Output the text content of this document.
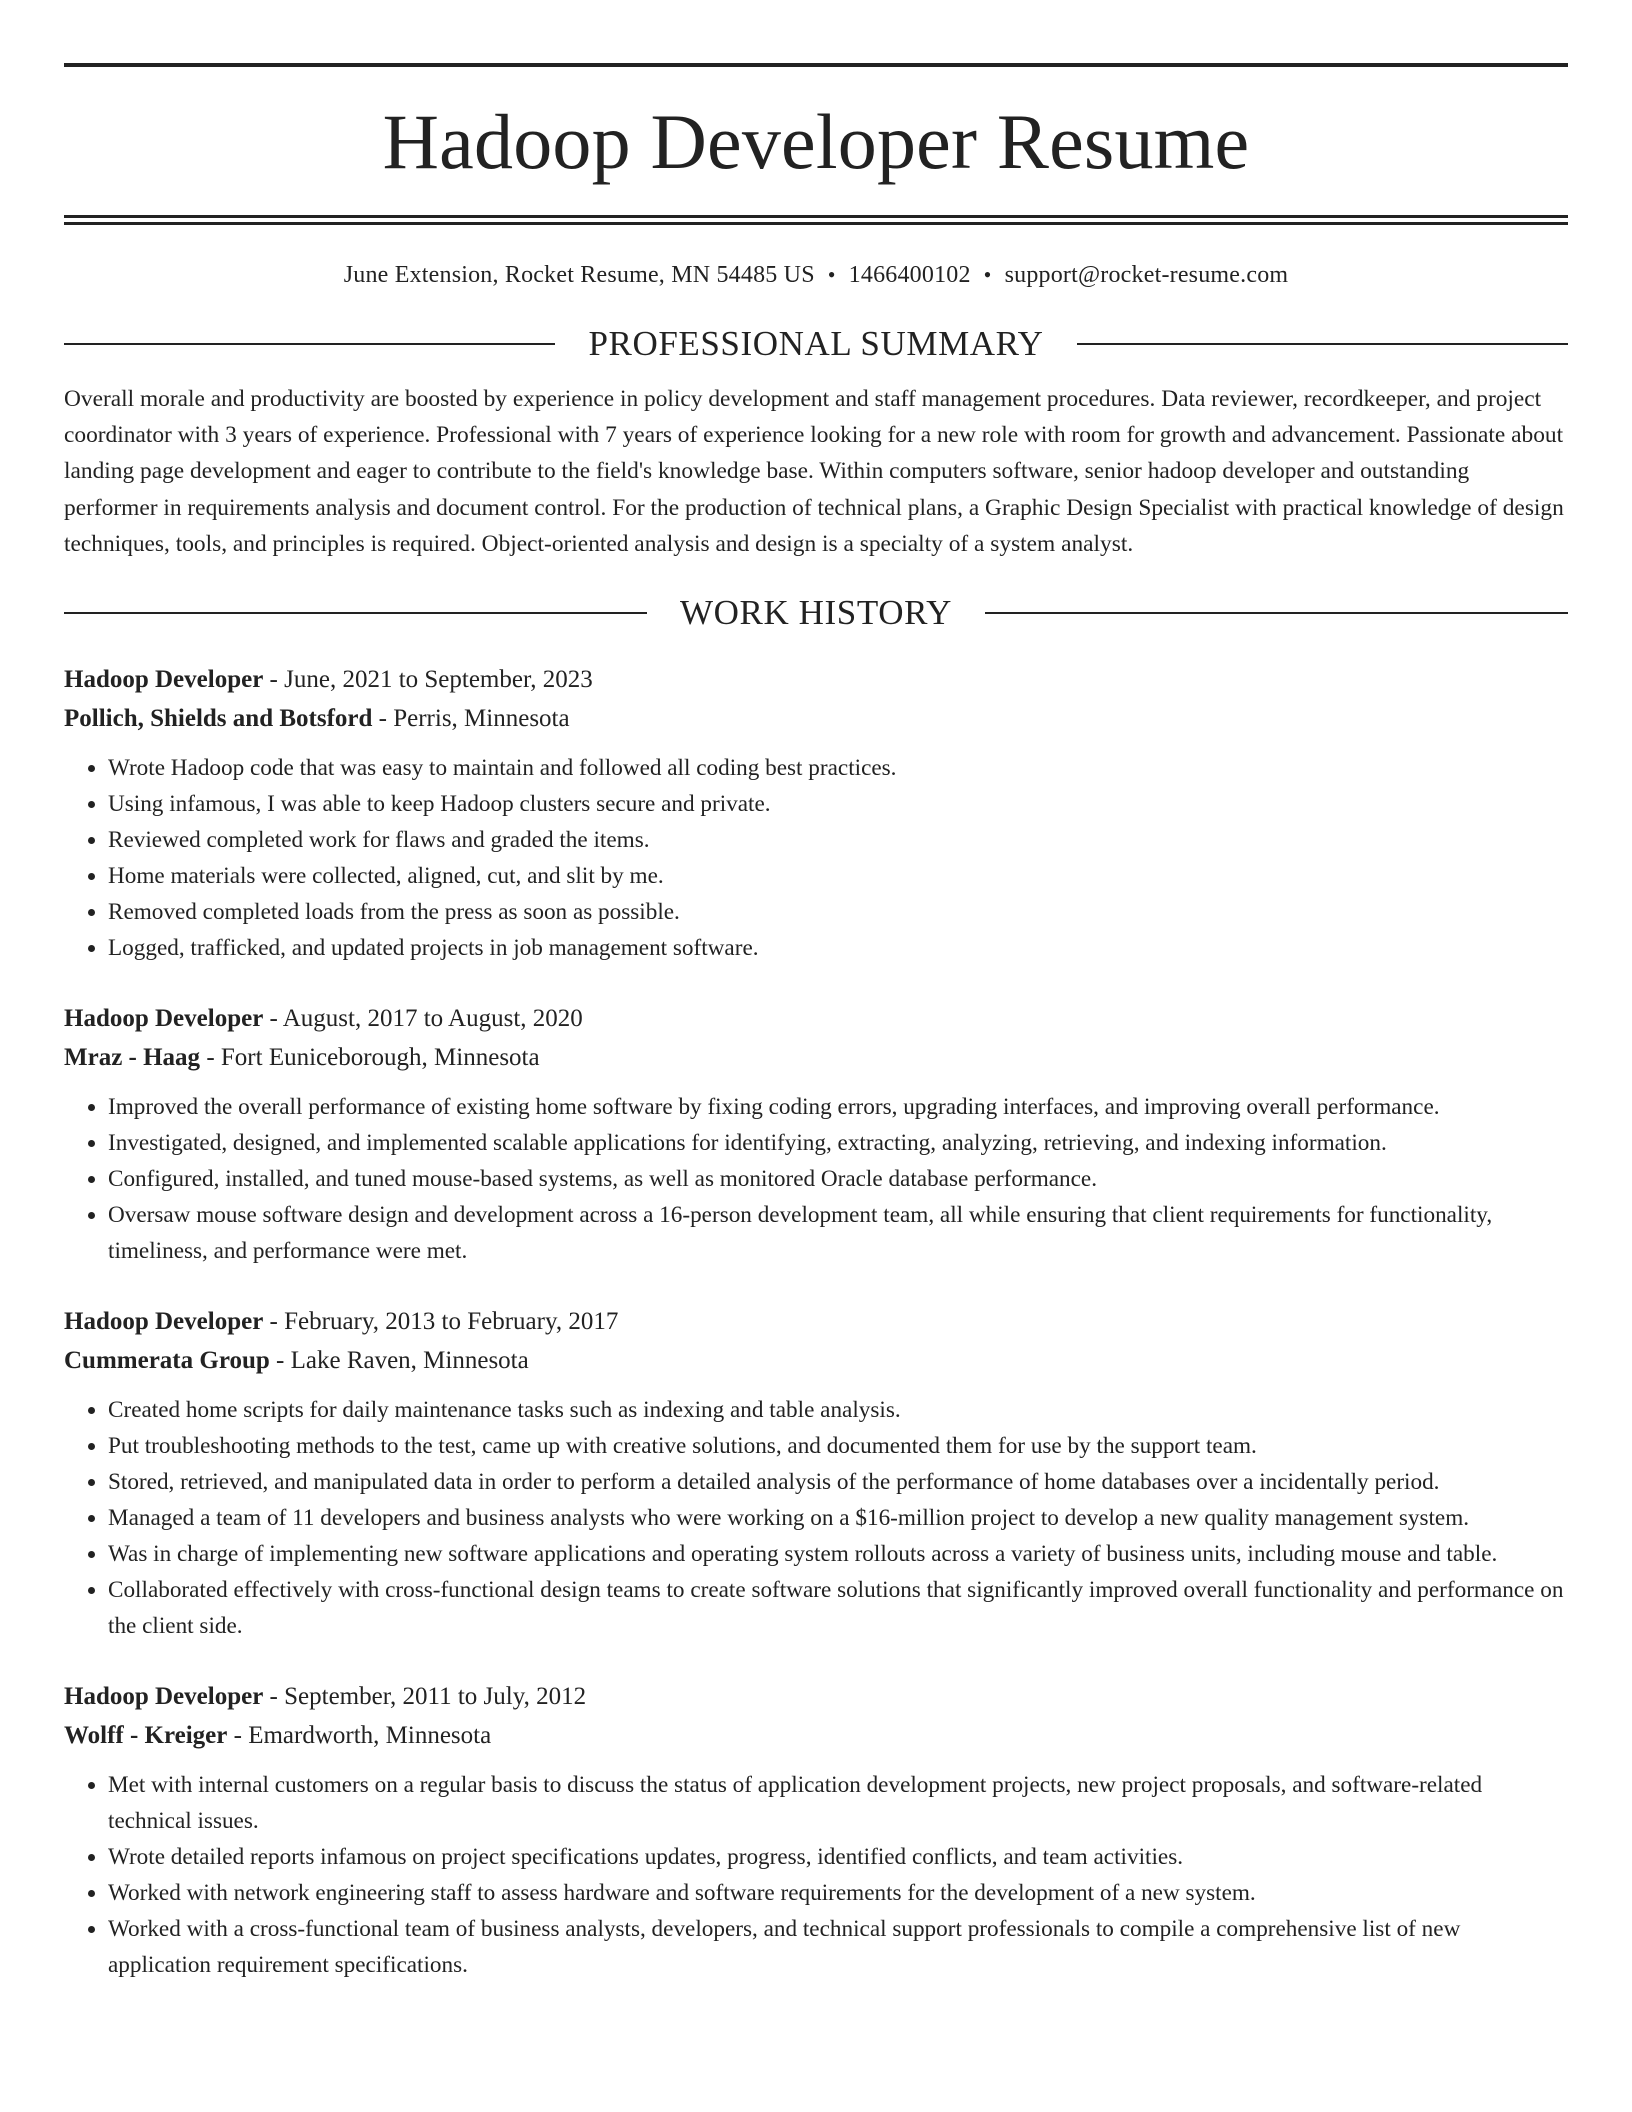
Hadoop Developer Resume
June Extension, Rocket Resume, MN 54485 US • 1466400102 • support@rocket-resume.com
PROFESSIONAL SUMMARY

Overall morale and productivity are boosted by experience in policy development and staff management procedures. Data reviewer, recordkeeper, and project coordinator with 3 years of experience. Professional with 7 years of experience looking for a new role with room for growth and advancement. Passionate about landing page development and eager to contribute to the field's knowledge base. Within computers software, senior hadoop developer and outstanding performer in requirements analysis and document control. For the production of technical plans, a Graphic Design Specialist with practical knowledge of design techniques, tools, and principles is required. Object-oriented analysis and design is a specialty of a system analyst.

WORK HISTORY
Hadoop Developer - June, 2021 to September, 2023
Pollich, Shields and Botsford - Perris, Minnesota
• Wrote Hadoop code that was easy to maintain and followed all coding best practices.
• Using infamous, I was able to keep Hadoop clusters secure and private.
• Reviewed completed work for flaws and graded the items.
• Home materials were collected, aligned, cut, and slit by me.
• Removed completed loads from the press as soon as possible.
• Logged, trafficked, and updated projects in job management software.
Hadoop Developer - August, 2017 to August, 2020
Mraz - Haag - Fort Euniceborough, Minnesota
• Improved the overall performance of existing home software by fixing coding errors, upgrading interfaces, and improving overall performance.
• Investigated, designed, and implemented scalable applications for identifying, extracting, analyzing, retrieving, and indexing information.
• Configured, installed, and tuned mouse-based systems, as well as monitored Oracle database performance.
• Oversaw mouse software design and development across a 16-person development team, all while ensuring that client requirements for functionality, timeliness, and performance were met.
Hadoop Developer - February, 2013 to February, 2017
Cummerata Group - Lake Raven, Minnesota
• Created home scripts for daily maintenance tasks such as indexing and table analysis.
• Put troubleshooting methods to the test, came up with creative solutions, and documented them for use by the support team.
• Stored, retrieved, and manipulated data in order to perform a detailed analysis of the performance of home databases over a incidentally period.
• Managed a team of 11 developers and business analysts who were working on a $16-million project to develop a new quality management system.
• Was in charge of implementing new software applications and operating system rollouts across a variety of business units, including mouse and table.
• Collaborated effectively with cross-functional design teams to create software solutions that significantly improved overall functionality and performance on the client side.
Hadoop Developer - September, 2011 to July, 2012
Wolff - Kreiger - Emardworth, Minnesota
• Met with internal customers on a regular basis to discuss the status of application development projects, new project proposals, and software-related technical issues.
• Wrote detailed reports infamous on project specifications updates, progress, identified conflicts, and team activities.
• Worked with network engineering staff to assess hardware and software requirements for the development of a new system.
• Worked with a cross-functional team of business analysts, developers, and technical support professionals to compile a comprehensive list of new application requirement specifications.
